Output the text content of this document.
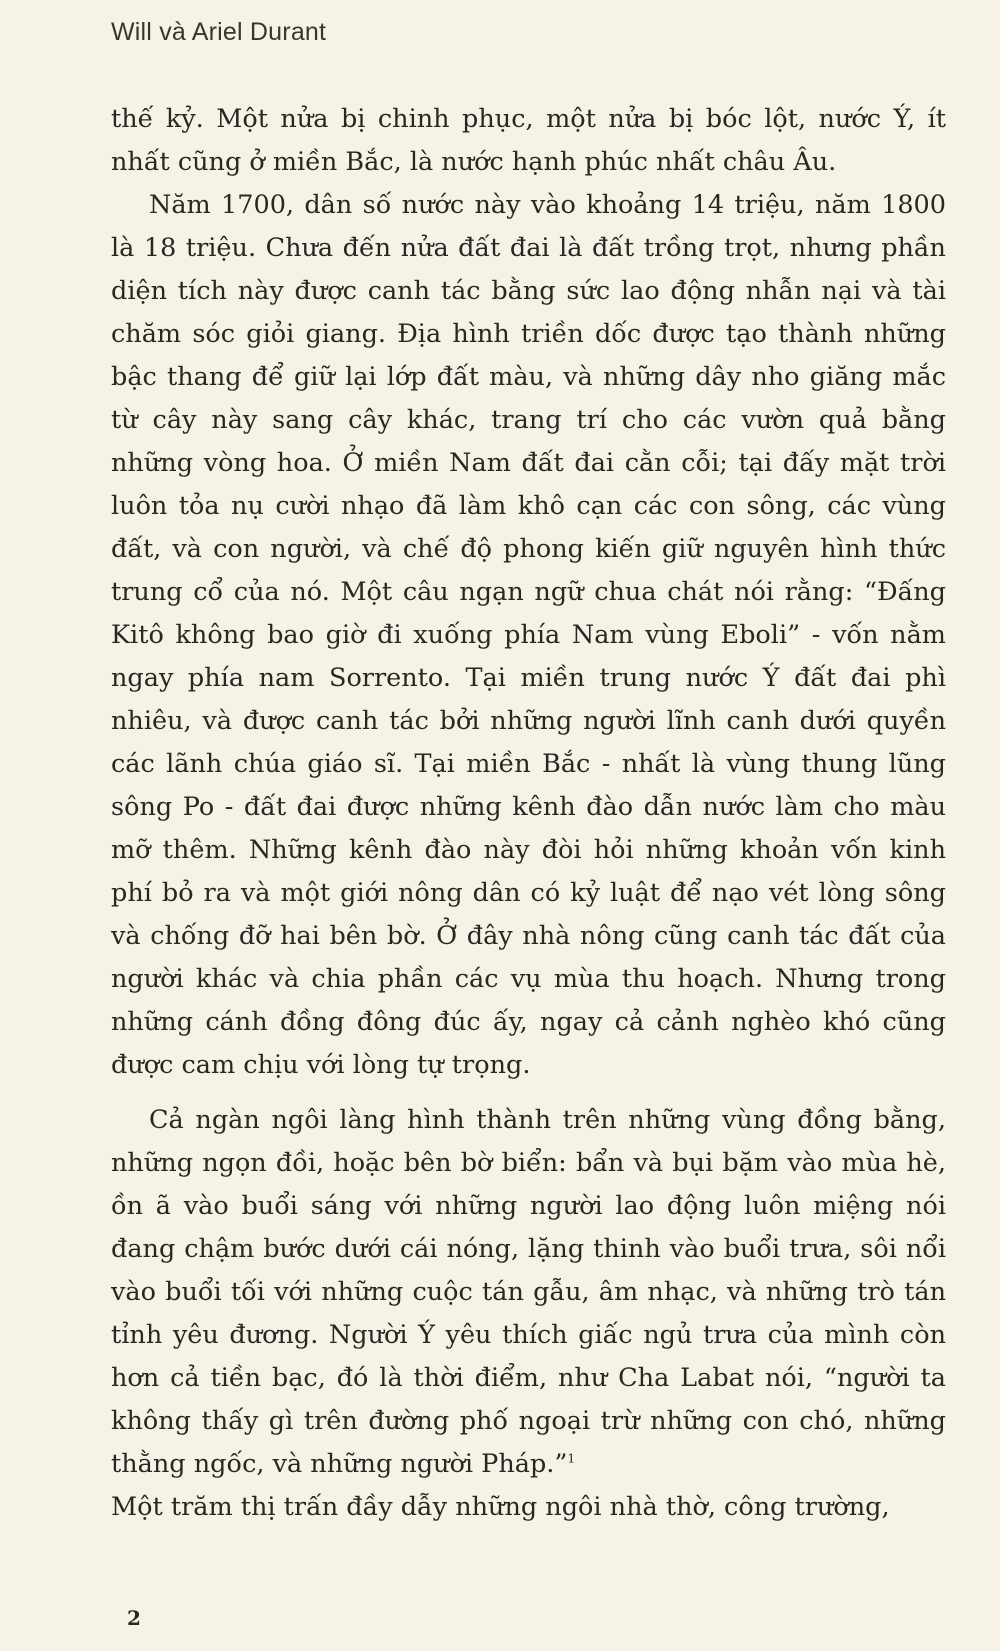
Will và Ariel Durant

thế kỷ. Một nửa bị chinh phục, một nửa bị bóc lột, nước Ý, ít nhất cũng ở miền Bắc, là nước hạnh phúc nhất châu Âu.

Năm 1700, dân số nước này vào khoảng 14 triệu, năm 1800 là 18 triệu. Chưa đến nửa đất đai là đất trồng trọt, nhưng phần diện tích này được canh tác bằng sức lao động nhẫn nại và tài chăm sóc giỏi giang. Địa hình triền dốc được tạo thành những bậc thang để giữ lại lớp đất màu, và những dây nho giăng mắc từ cây này sang cây khác, trang trí cho các vườn quả bằng những vòng hoa. Ở miền Nam đất đai cằn cỗi; tại đấy mặt trời luôn tỏa nụ cười nhạo đã làm khô cạn các con sông, các vùng đất, và con người, và chế độ phong kiến giữ nguyên hình thức trung cổ của nó. Một câu ngạn ngữ chua chát nói rằng: “Đấng Kitô không bao giờ đi xuống phía Nam vùng Eboli” - vốn nằm ngay phía nam Sorrento. Tại miền trung nước Ý đất đai phì nhiêu, và được canh tác bởi những người lĩnh canh dưới quyền các lãnh chúa giáo sĩ. Tại miền Bắc - nhất là vùng thung lũng sông Po - đất đai được những kênh đào dẫn nước làm cho màu mỡ thêm. Những kênh đào này đòi hỏi những khoản vốn kinh phí bỏ ra và một giới nông dân có kỷ luật để nạo vét lòng sông và chống đỡ hai bên bờ. Ở đây nhà nông cũng canh tác đất của người khác và chia phần các vụ mùa thu hoạch. Nhưng trong những cánh đồng đông đúc ấy, ngay cả cảnh nghèo khó cũng được cam chịu với lòng tự trọng.

Cả ngàn ngôi làng hình thành trên những vùng đồng bằng, những ngọn đồi, hoặc bên bờ biển: bẩn và bụi bặm vào mùa hè, ồn ã vào buổi sáng với những người lao động luôn miệng nói đang chậm bước dưới cái nóng, lặng thinh vào buổi trưa, sôi nổi vào buổi tối với những cuộc tán gẫu, âm nhạc, và những trò tán tỉnh yêu đương. Người Ý yêu thích giấc ngủ trưa của mình còn hơn cả tiền bạc, đó là thời điểm, như Cha Labat nói, “người ta không thấy gì trên đường phố ngoại trừ những con chó, những thằng ngốc, và những người Pháp.”$^1$

Một trăm thị trấn đầy dẫy những ngôi nhà thờ, công trường,

2
